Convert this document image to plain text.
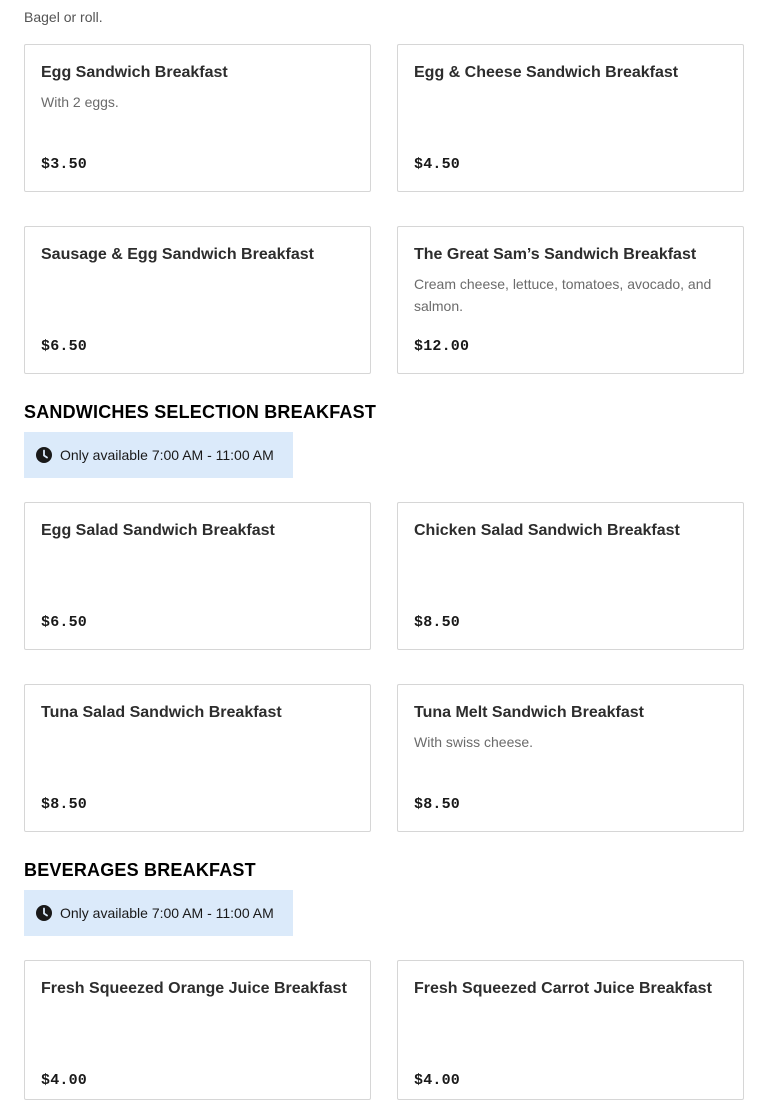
Bagel or roll.
Egg Sandwich Breakfast
With 2 eggs.
$3.50
Egg & Cheese Sandwich Breakfast
$4.50
Sausage & Egg Sandwich Breakfast
$6.50
The Great Sam’s Sandwich Breakfast
Cream cheese, lettuce, tomatoes, avocado, and salmon.
$12.00
SANDWICHES SELECTION BREAKFAST
Only available 7:00 AM - 11:00 AM
Egg Salad Sandwich Breakfast
$6.50
Chicken Salad Sandwich Breakfast
$8.50
Tuna Salad Sandwich Breakfast
$8.50
Tuna Melt Sandwich Breakfast
With swiss cheese.
$8.50
BEVERAGES BREAKFAST
Only available 7:00 AM - 11:00 AM
Fresh Squeezed Orange Juice Breakfast
$4.00
Fresh Squeezed Carrot Juice Breakfast
$4.00
